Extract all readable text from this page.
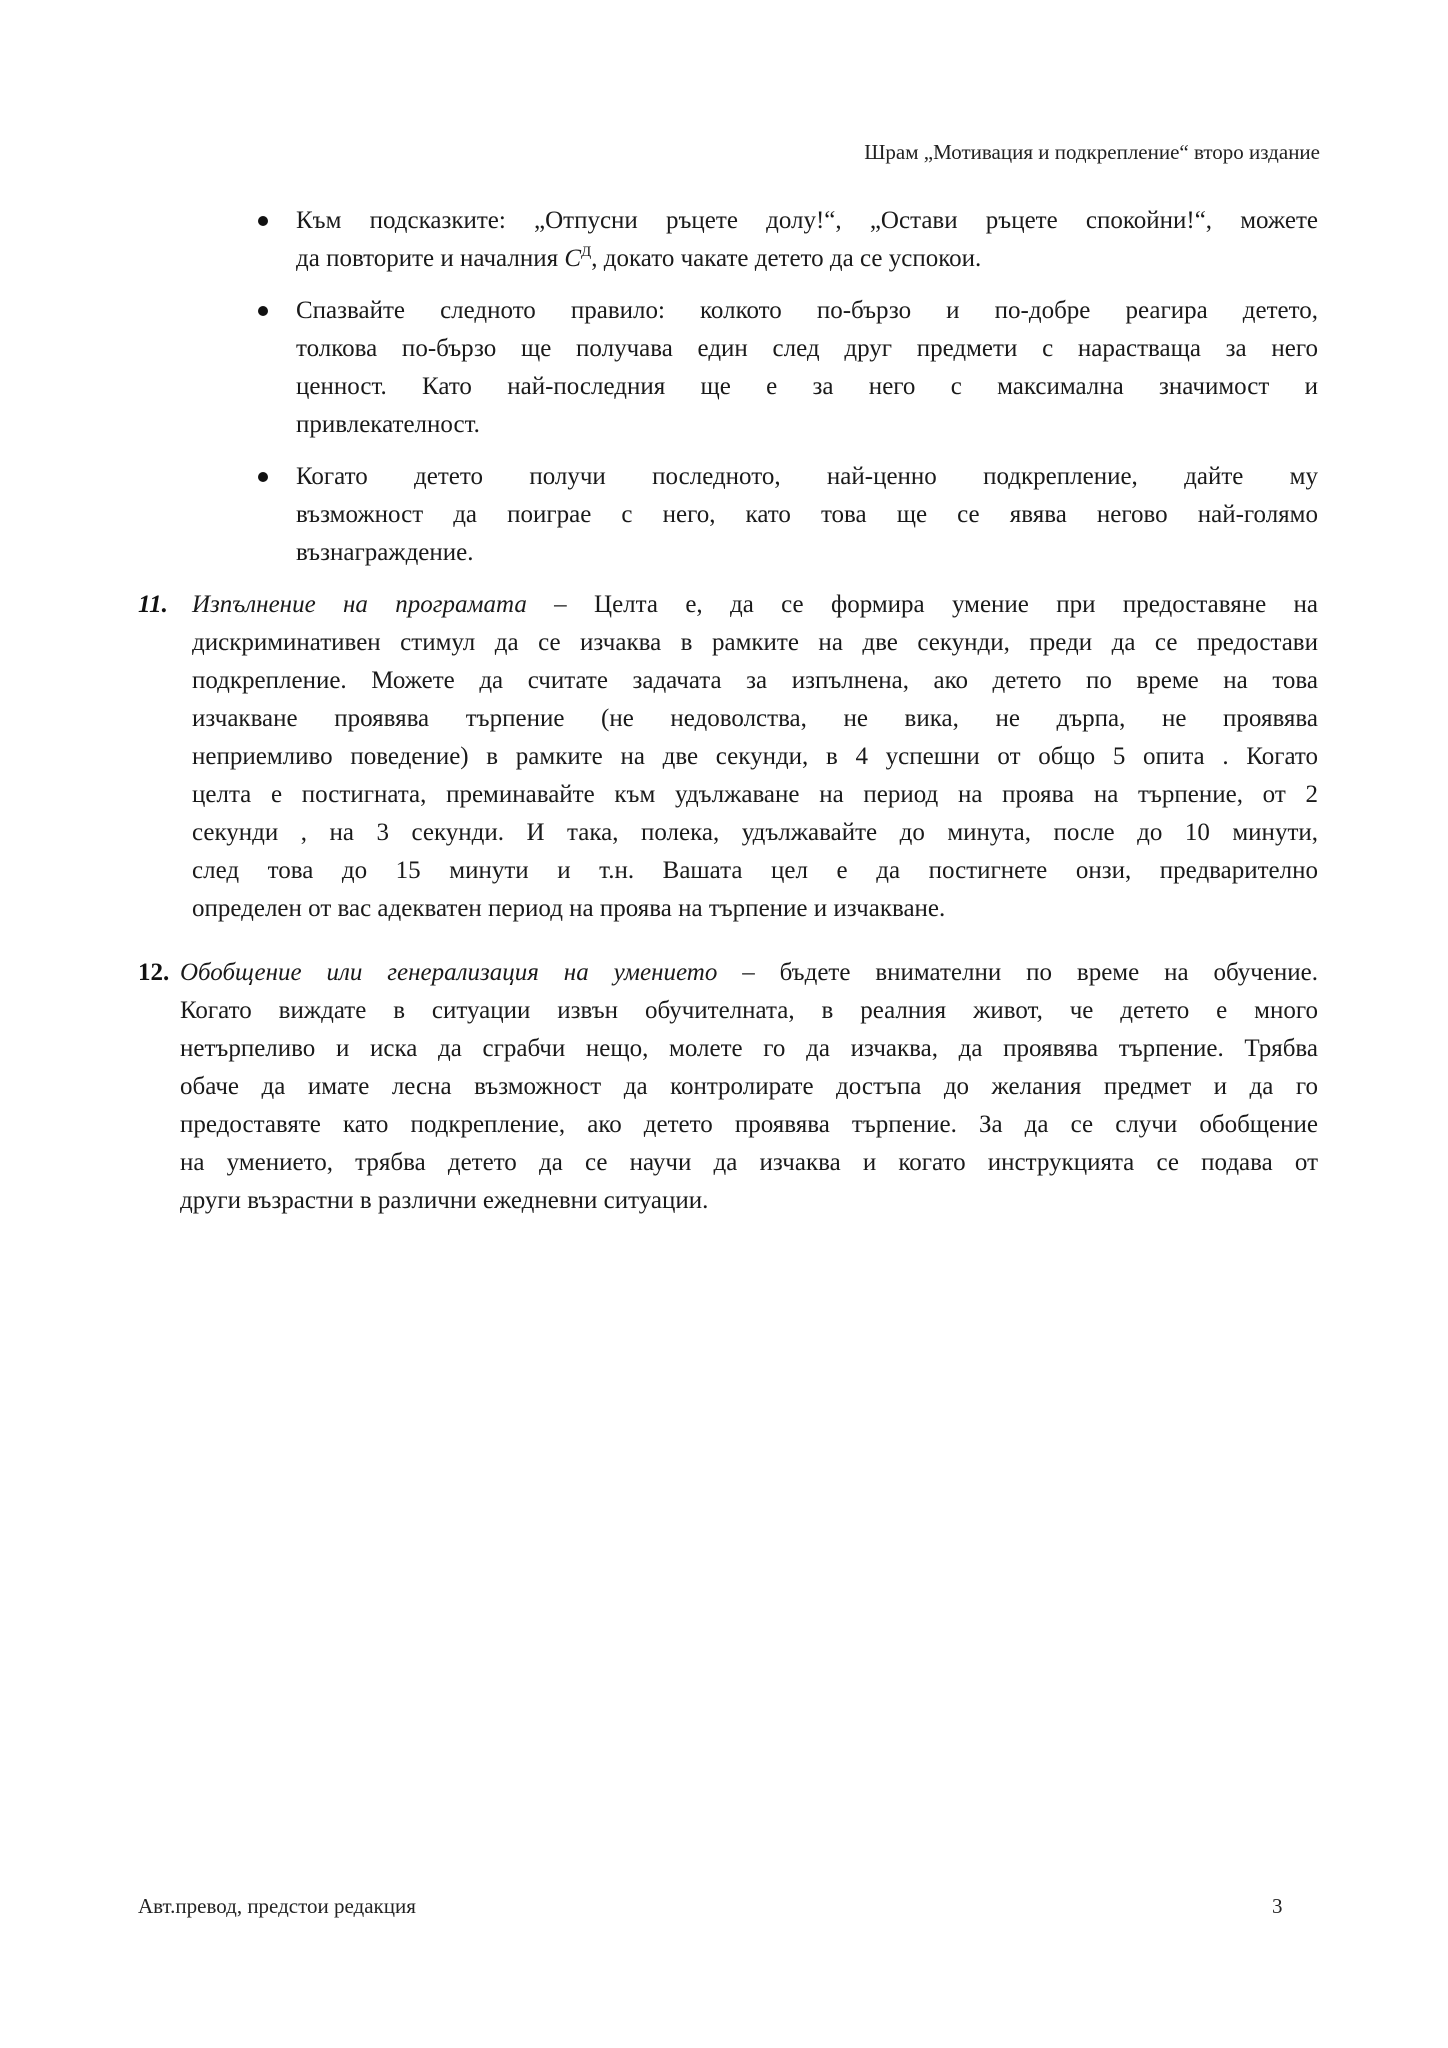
Шрам „Мотивация и подкрепление“ второ издание
Към подсказките: „Отпусни ръцете долу!“, „Остави ръцете спокойни!“, можете
да повторите и началния $C^Д$, докато чакате детето да се успокои.
Спазвайте следното правило: колкото по-бързо и по-добре реагира детето,
толкова по-бързо ще получава един след друг предмети с нарастваща за него
ценност. Като най-последния ще е за него с максимална значимост и
привлекателност.
Когато детето получи последното, най-ценно подкрепление, дайте му
възможност да поиграе с него, като това ще се явява негово най-голямо
възнаграждение.
11. Изпълнение на програмата – Целта е, да се формира умение при предоставяне на
дискриминативен стимул да се изчаква в рамките на две секунди, преди да се предостави
подкрепление. Можете да считате задачата за изпълнена, ако детето по време на това
изчакване проявява търпение (не недоволства, не вика, не дърпа, не проявява
неприемливо поведение) в рамките на две секунди, в 4 успешни от общо 5 опита . Когато
целта е постигната, преминавайте към удължаване на период на проява на търпение, от 2
секунди , на 3 секунди. И така, полека, удължавайте до минута, после до 10 минути,
след това до 15 минути и т.н. Вашата цел е да постигнете онзи, предварително
определен от вас адекватен период на проява на търпение и изчакване.
12. Обобщение или генерализация на умението – бъдете внимателни по време на обучение.
Когато виждате в ситуации извън обучителната, в реалния живот, че детето е много
нетърпеливо и иска да сграбчи нещо, молете го да изчаква, да проявява търпение. Трябва
обаче да имате лесна възможност да контролирате достъпа до желания предмет и да го
предоставяте като подкрепление, ако детето проявява търпение. За да се случи обобщение
на умението, трябва детето да се научи да изчаква и когато инструкцията се подава от
други възрастни в различни ежедневни ситуации.
Авт.превод, предстои редакция	3
